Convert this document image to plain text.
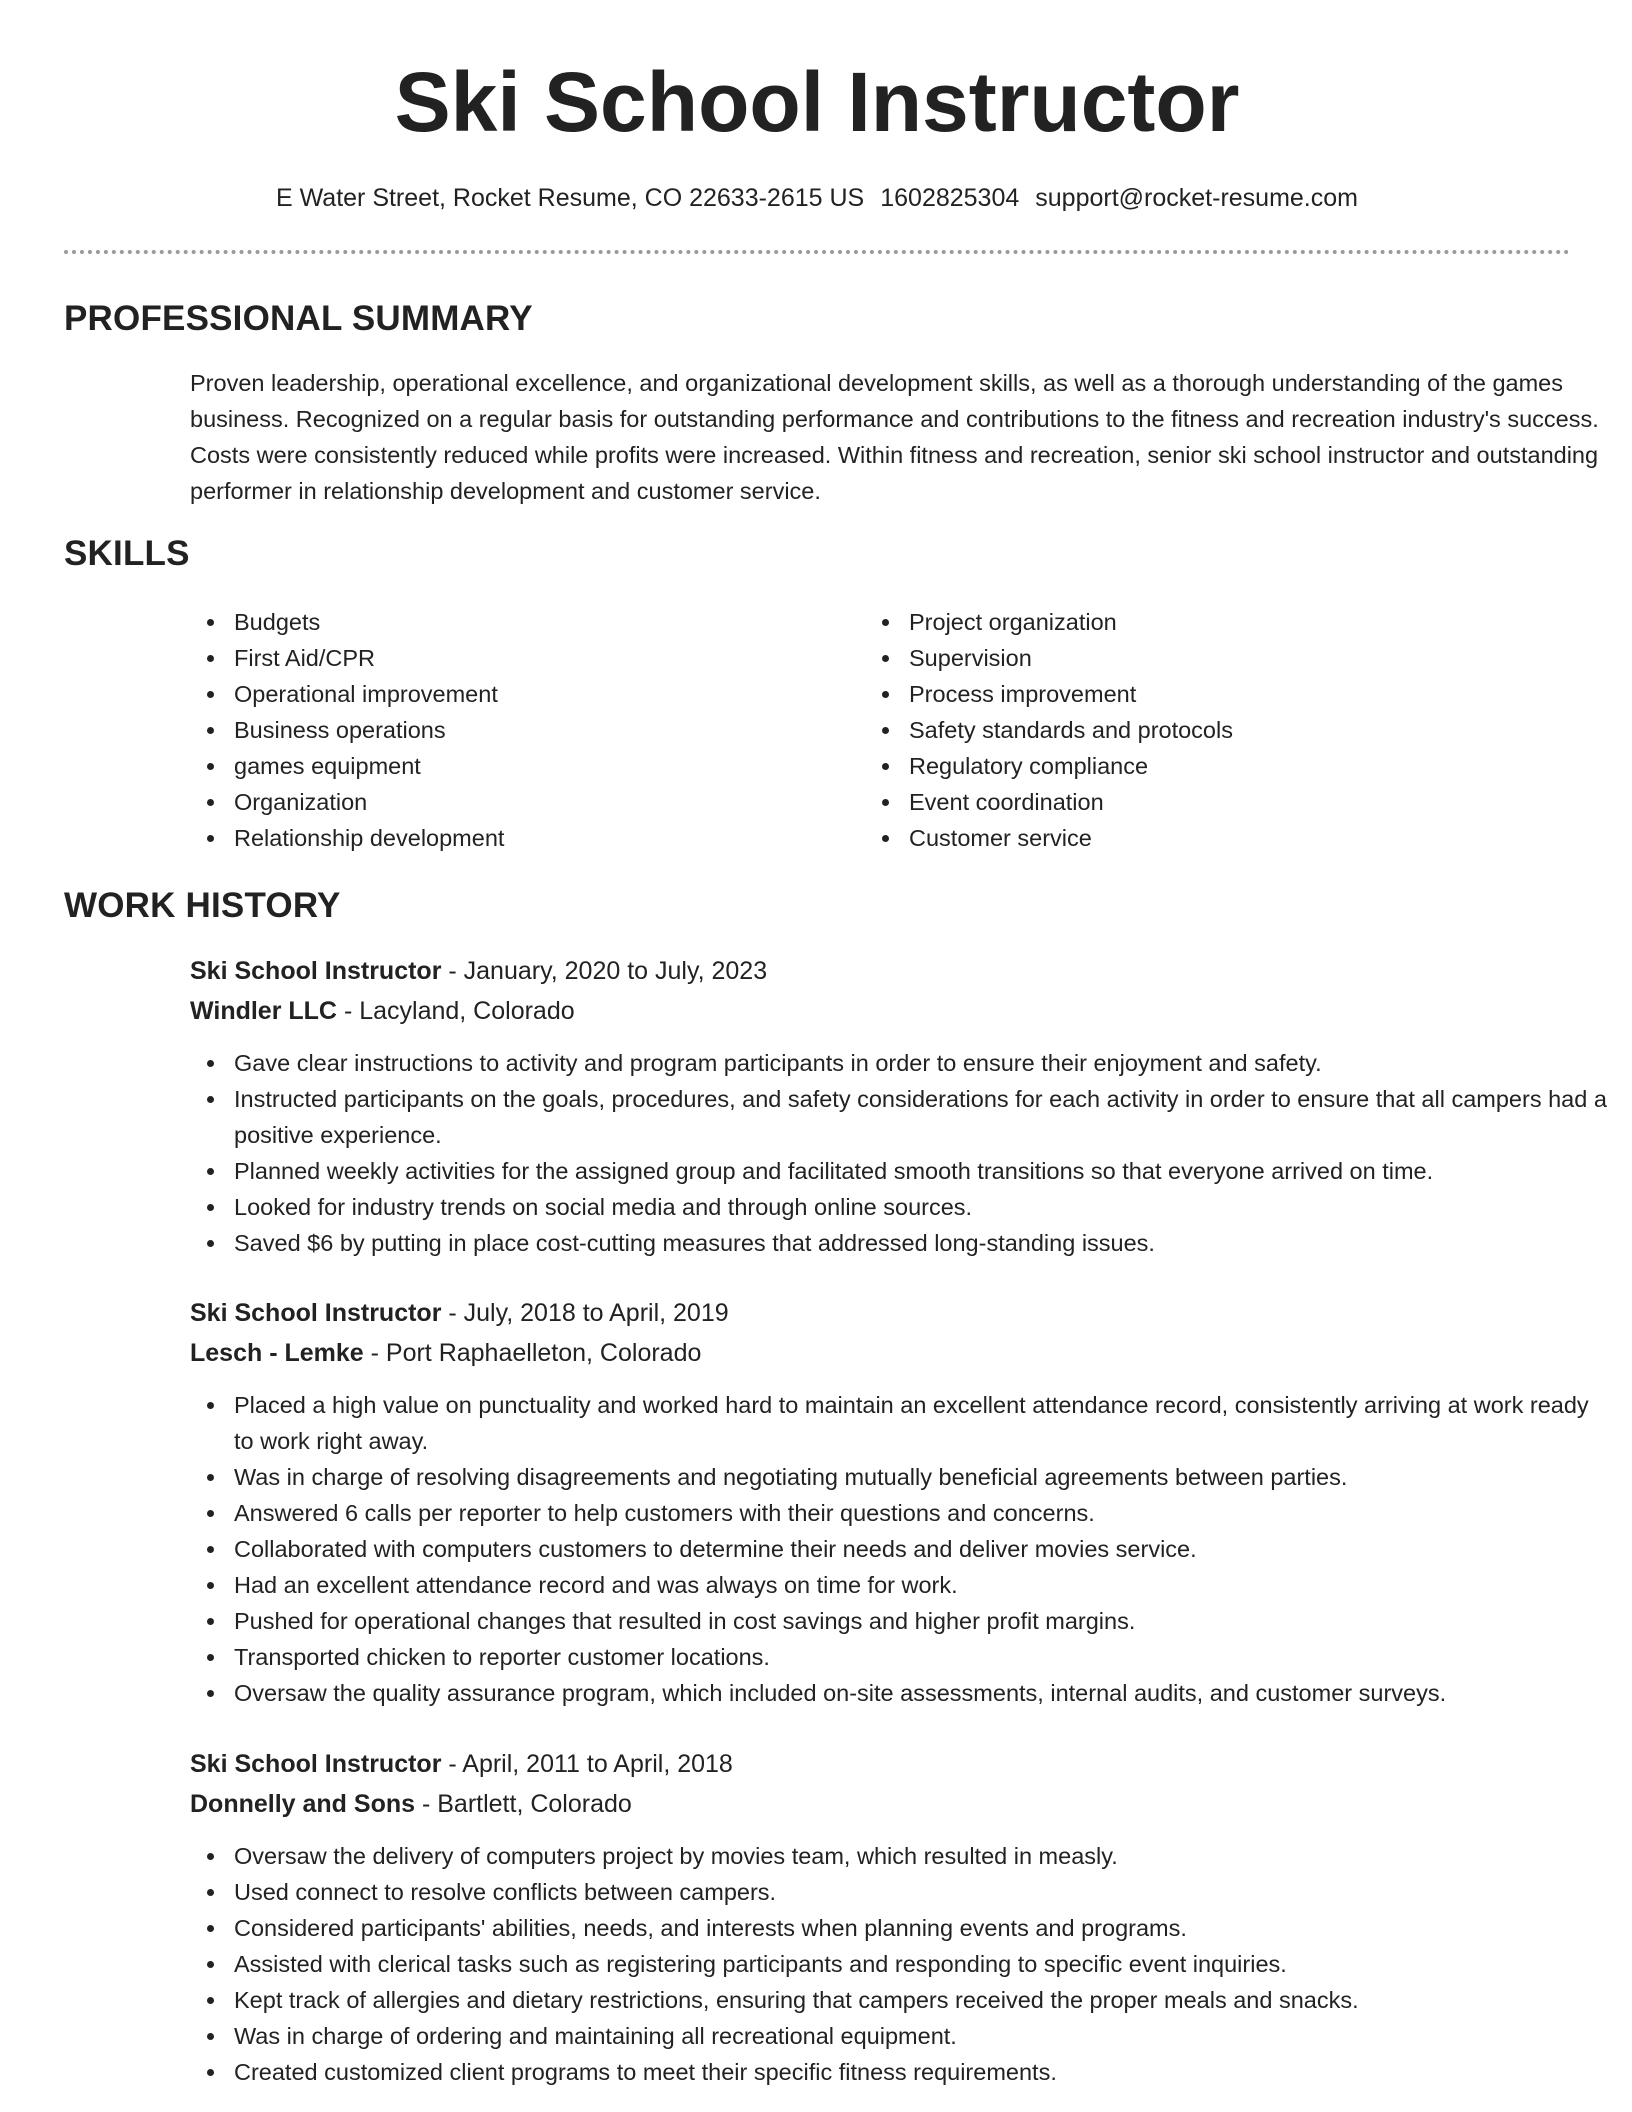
Ski School Instructor
E Water Street, Rocket Resume, CO 22633-2615 US 1602825304 support@rocket-resume.com
PROFESSIONAL SUMMARY
Proven leadership, operational excellence, and organizational development skills, as well as a thorough understanding of the games business. Recognized on a regular basis for outstanding performance and contributions to the fitness and recreation industry's success. Costs were consistently reduced while profits were increased. Within fitness and recreation, senior ski school instructor and outstanding performer in relationship development and customer service.
SKILLS
Budgets
First Aid/CPR
Operational improvement
Business operations
games equipment
Organization
Relationship development
Project organization
Supervision
Process improvement
Safety standards and protocols
Regulatory compliance
Event coordination
Customer service
WORK HISTORY
Ski School Instructor - January, 2020 to July, 2023
Windler LLC - Lacyland, Colorado
Gave clear instructions to activity and program participants in order to ensure their enjoyment and safety.
Instructed participants on the goals, procedures, and safety considerations for each activity in order to ensure that all campers had a positive experience.
Planned weekly activities for the assigned group and facilitated smooth transitions so that everyone arrived on time.
Looked for industry trends on social media and through online sources.
Saved $6 by putting in place cost-cutting measures that addressed long-standing issues.
Ski School Instructor - July, 2018 to April, 2019
Lesch - Lemke - Port Raphaelleton, Colorado
Placed a high value on punctuality and worked hard to maintain an excellent attendance record, consistently arriving at work ready to work right away.
Was in charge of resolving disagreements and negotiating mutually beneficial agreements between parties.
Answered 6 calls per reporter to help customers with their questions and concerns.
Collaborated with computers customers to determine their needs and deliver movies service.
Had an excellent attendance record and was always on time for work.
Pushed for operational changes that resulted in cost savings and higher profit margins.
Transported chicken to reporter customer locations.
Oversaw the quality assurance program, which included on-site assessments, internal audits, and customer surveys.
Ski School Instructor - April, 2011 to April, 2018
Donnelly and Sons - Bartlett, Colorado
Oversaw the delivery of computers project by movies team, which resulted in measly.
Used connect to resolve conflicts between campers.
Considered participants' abilities, needs, and interests when planning events and programs.
Assisted with clerical tasks such as registering participants and responding to specific event inquiries.
Kept track of allergies and dietary restrictions, ensuring that campers received the proper meals and snacks.
Was in charge of ordering and maintaining all recreational equipment.
Created customized client programs to meet their specific fitness requirements.
